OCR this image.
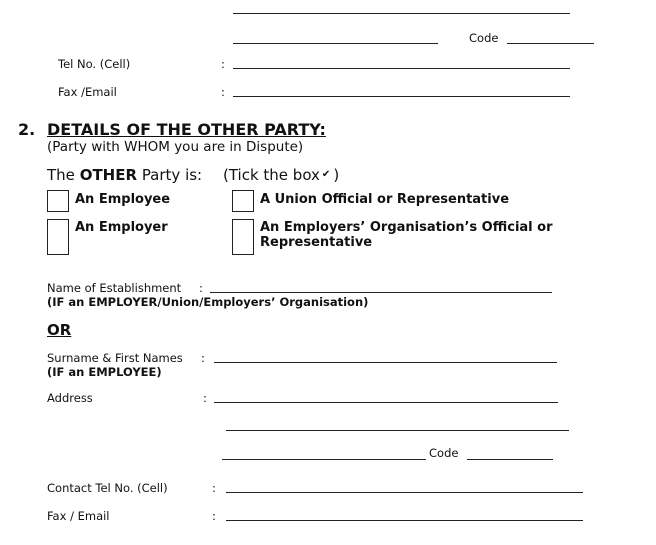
Code
Tel No. (Cell)	:
Fax /Email	:
2. DETAILS OF THE OTHER PARTY:
(Party with WHOM you are in Dispute)
The OTHER Party is: (Tick the box ✔ )
An Employee	A Union Official or Representative
An Employer	An Employers’ Organisation’s Official or
Representative
Name of Establishment :
(IF an EMPLOYER/Union/Employers’ Organisation)
OR
Surname & First Names :
(IF an EMPLOYEE)
Address	:
Code
Contact Tel No. (Cell)	:
Fax / Email	:
